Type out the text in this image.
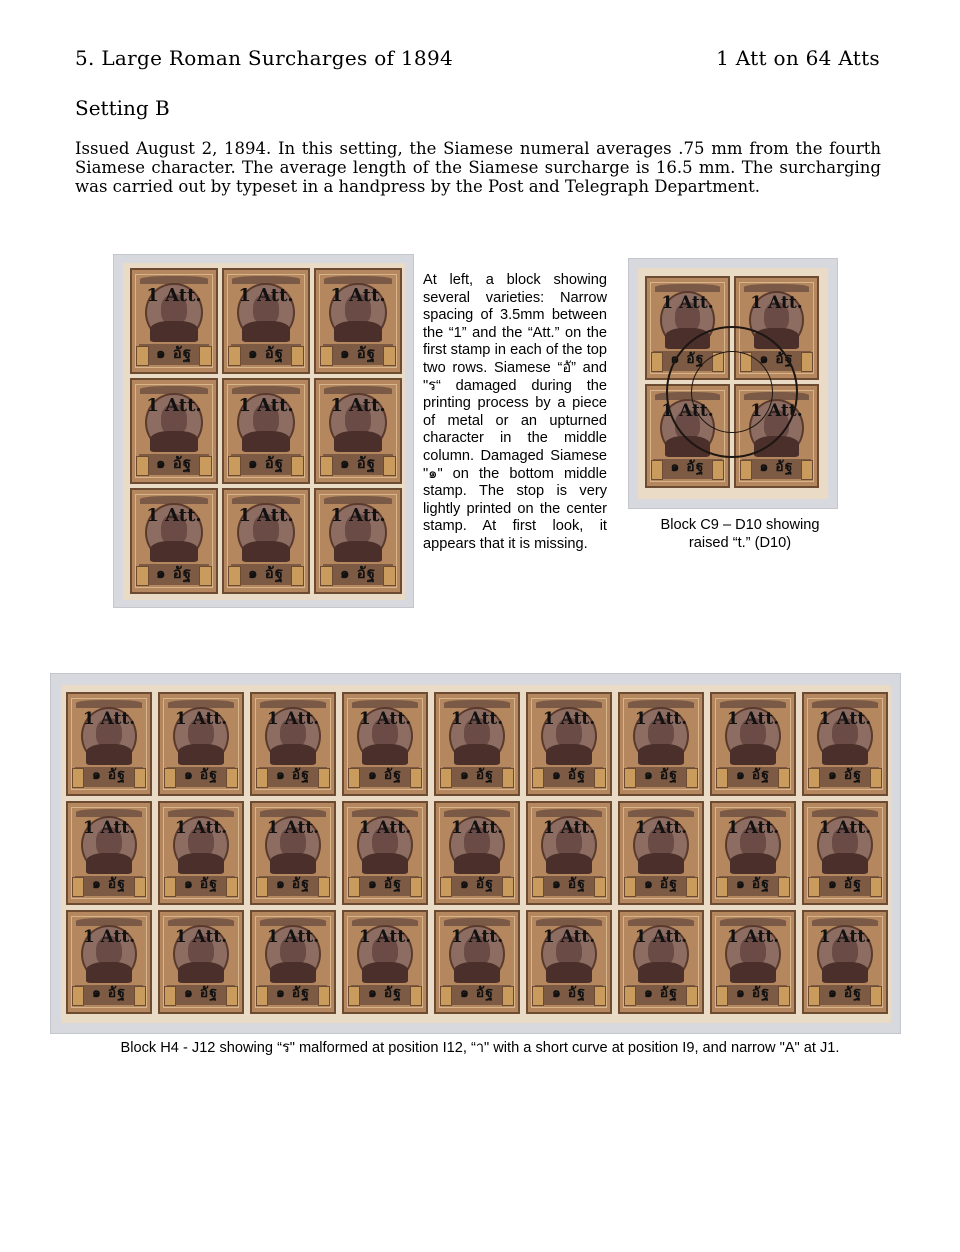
5. Large Roman Surcharges of 1894	1 Att on 64 Atts
Setting B

Issued August 2, 1894. In this setting, the Siamese numeral averages .75 mm from the fourth Siamese character. The average length of the Siamese surcharge is 16.5 mm. The surcharging was carried out by typeset in a handpress by the Post and Telegraph Department.

1 Att.
๑ อัฐ
1 Att.
๑ อัฐ
1 Att.
๑ อัฐ
1 Att.
๑ อัฐ
1 Att.
๑ อัฐ
1 Att.
๑ อัฐ
1 Att.
๑ อัฐ
1 Att.
๑ อัฐ
1 Att.
๑ อัฐ

At left, a block showing several varieties: Narrow spacing of 3.5mm between the “1” and the “Att.” on the first stamp in each of the top two rows. Siamese “อั” and "ร“ damaged during the printing process by a piece of metal or an upturned character in the middle column. Damaged Siamese "๑" on the bottom middle stamp. The stop is very lightly printed on the center stamp. At first look, it appears that it is missing.

1 Att.
๑ อัฐ
1 Att.
๑ อัฐ
1 Att.
๑ อัฐ
1 Att.
๑ อัฐ

Block C9 – D10 showing
raised “t.” (D10)

1 Att.
๑ อัฐ
1 Att.
๑ อัฐ
1 Att.
๑ อัฐ
1 Att.
๑ อัฐ
1 Att.
๑ อัฐ
1 Att.
๑ อัฐ
1 Att.
๑ อัฐ
1 Att.
๑ อัฐ
1 Att.
๑ อัฐ
1 Att.
๑ อัฐ
1 Att.
๑ อัฐ
1 Att.
๑ อัฐ
1 Att.
๑ อัฐ
1 Att.
๑ อัฐ
1 Att.
๑ อัฐ
1 Att.
๑ อัฐ
1 Att.
๑ อัฐ
1 Att.
๑ อัฐ
1 Att.
๑ อัฐ
1 Att.
๑ อัฐ
1 Att.
๑ อัฐ
1 Att.
๑ อัฐ
1 Att.
๑ อัฐ
1 Att.
๑ อัฐ
1 Att.
๑ อัฐ
1 Att.
๑ อัฐ
1 Att.
๑ อัฐ

Block H4 - J12 showing “ร" malformed at position I12, “า" with a short curve at position I9, and narrow "A" at J1.
